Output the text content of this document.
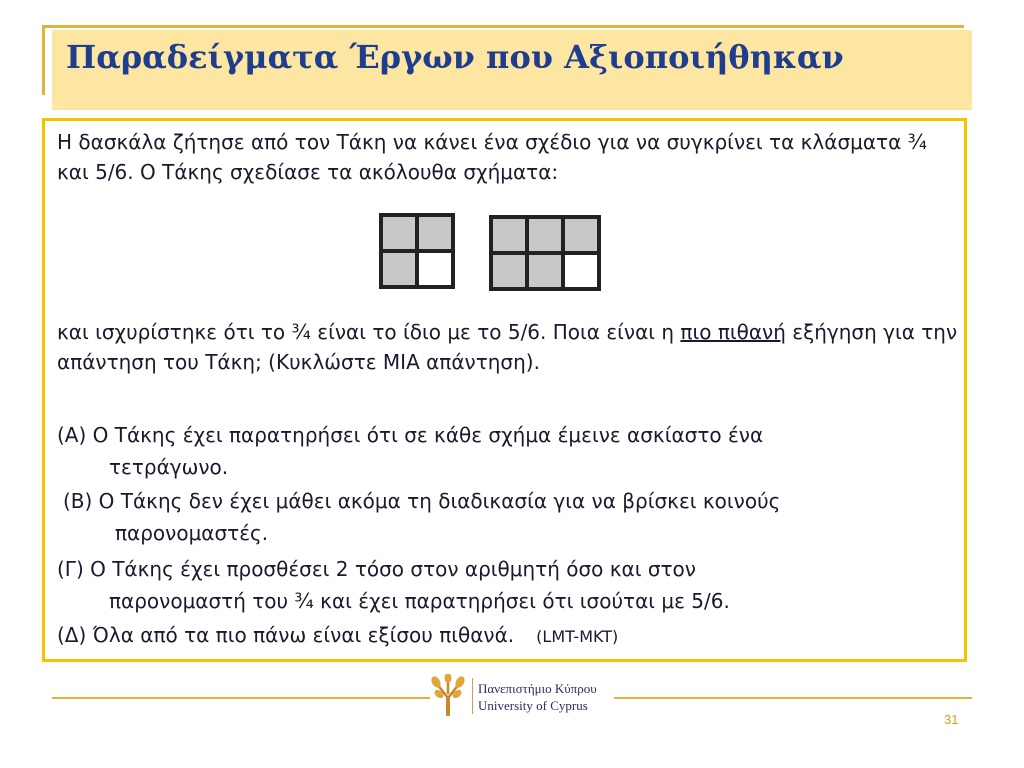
Παραδείγματα Έργων που Αξιοποιήθηκαν

Η δασκάλα ζήτησε από τον Τάκη να κάνει ένα σχέδιο για να συγκρίνει τα κλάσματα ¾ και 5/6. Ο Τάκης σχεδίασε τα ακόλουθα σχήματα:

και ισχυρίστηκε ότι το ¾ είναι το ίδιο με το 5/6. Ποια είναι η πιο πιθανή εξήγηση για την απάντηση του Τάκη; (Κυκλώστε ΜΙΑ απάντηση).

(Α) Ο Τάκης έχει παρατηρήσει ότι σε κάθε σχήμα έμεινε ασκίαστο ένα
τετράγωνο.

(Β) Ο Τάκης δεν έχει μάθει ακόμα τη διαδικασία για να βρίσκει κοινούς
παρονομαστές.

(Γ) Ο Τάκης έχει προσθέσει 2 τόσο στον αριθμητή όσο και στον
παρονομαστή του ¾ και έχει παρατηρήσει ότι ισούται με 5/6.

(Δ) Όλα από τα πιο πάνω είναι εξίσου πιθανά. (LMT-MKT)

Πανεπιστήμιο Κύπρου
University of Cyprus
31
